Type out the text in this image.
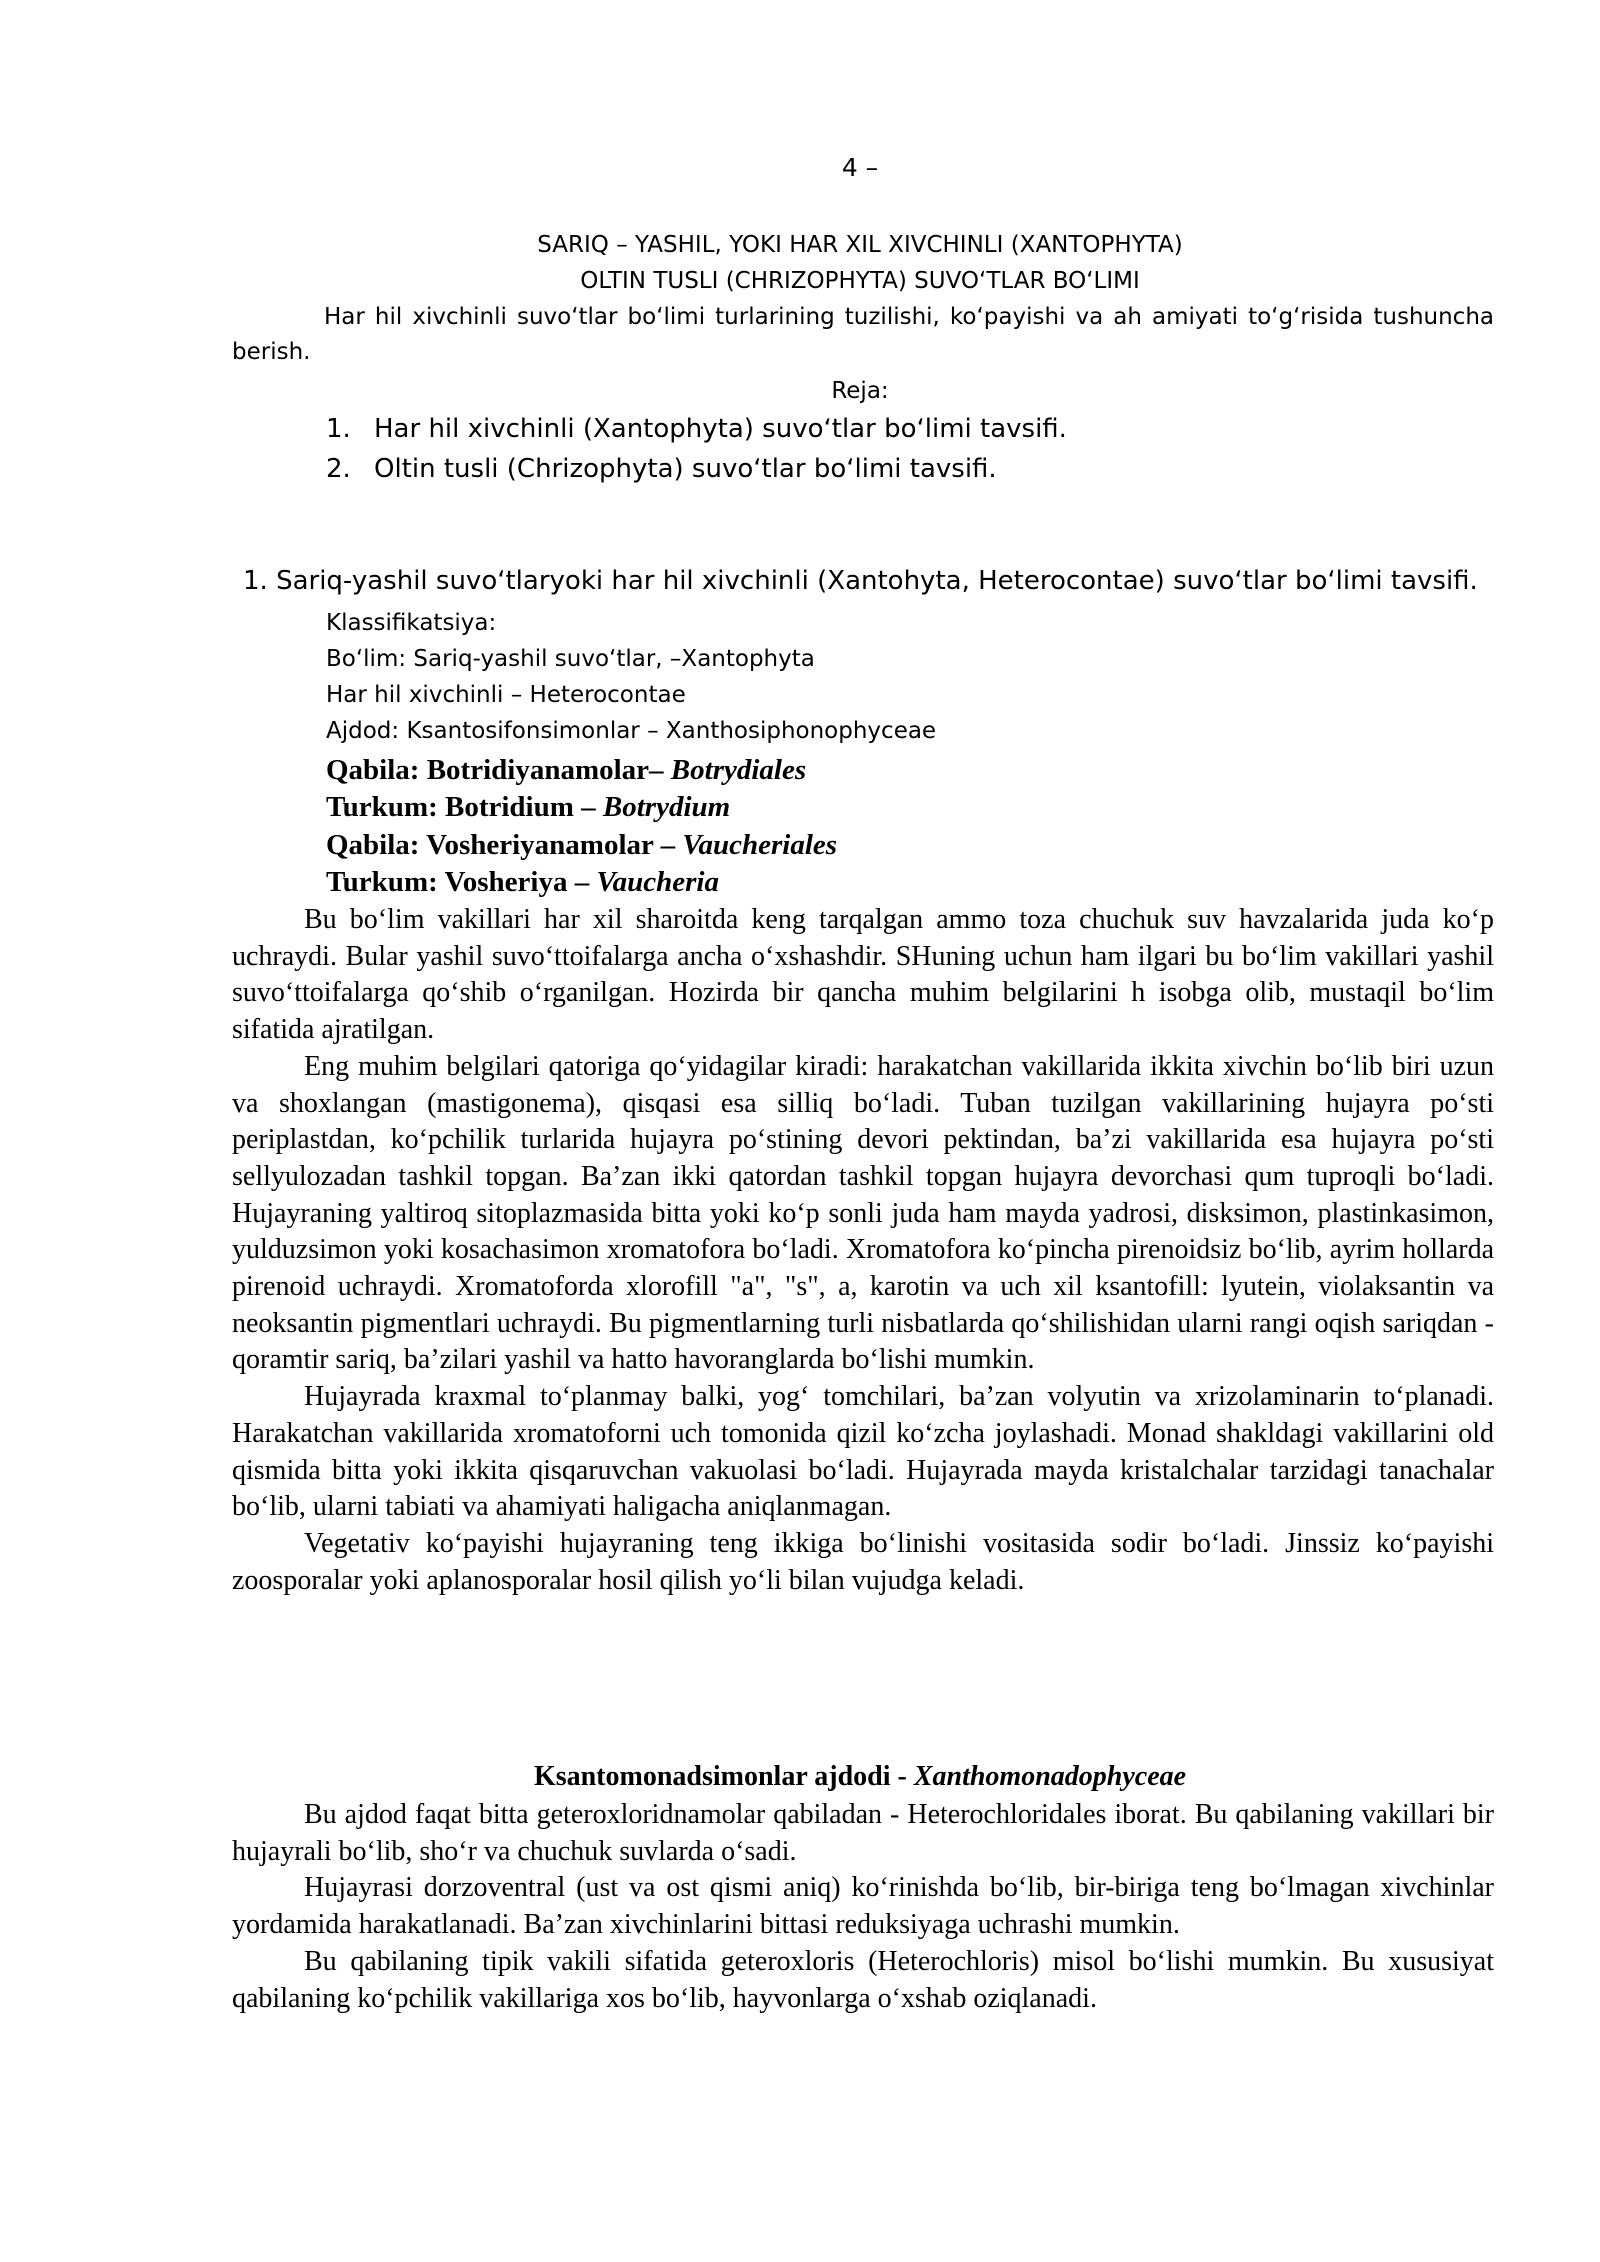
4 –
SARIQ – YASHIL, YOKI HAR XIL XIVCHINLI (XANTOPHYTA)
OLTIN TUSLI (CHRIZOPHYTA) SUVOʻTLAR BOʻLIMI
Har hil xivchinli suvoʻtlar boʻlimi turlarining tuzilishi, koʻpayishi va ah amiyati toʻgʻrisida tushuncha berish.
Reja:
1. Har hil xivchinli (Xantophyta) suvoʻtlar boʻlimi tavsifi.
2. Oltin tusli (Chrizophyta) suvoʻtlar boʻlimi tavsifi.
1. Sariq-yashil suvoʻtlaryoki har hil xivchinli (Xantohyta, Heterocontae) suvoʻtlar boʻlimi tavsifi.
Klassifikatsiya:
Boʻlim: Sariq-yashil suvoʻtlar, –Xantophyta
Har hil xivchinli – Heterocontae
Ajdod: Ksantosifonsimonlar – Xanthosiphonophyceae
Qabila: Botridiyanamolar– Botrydiales
Turkum: Botridium – Botrydium
Qabila: Vosheriyanamolar – Vaucheriales
Turkum: Vosheriya – Vaucheria

Bu boʻlim vakillari har xil sharoitda keng tarqalgan ammo toza chuchuk suv havzalarida juda koʻp uchraydi. Bular yashil suvoʻttoifalarga ancha oʻxshashdir. SHuning uchun ham ilgari bu boʻlim vakillari yashil suvoʻttoifalarga qoʻshib oʻrganilgan. Hozirda bir qancha muhim belgilarini h isobga olib, mustaqil boʻlim sifatida ajratilgan.

Eng muhim belgilari qatoriga qoʻyidagilar kiradi: harakatchan vakillarida ikkita xivchin boʻlib biri uzun va shoxlangan (mastigonema), qisqasi esa silliq boʻladi. Tuban tuzilgan vakillarining hujayra poʻsti periplastdan, koʻpchilik turlarida hujayra poʻstining devori pektindan, baʼzi vakillarida esa hujayra poʻsti sellyulozadan tashkil topgan. Baʼzan ikki qatordan tashkil topgan hujayra devorchasi qum tuproqli boʻladi. Hujayraning yaltiroq sitoplazmasida bitta yoki koʻp sonli juda ham mayda yadrosi, disksimon, plastinkasimon, yulduzsimon yoki kosachasimon xromatofora boʻladi. Xromatofora koʻpincha pirenoidsiz boʻlib, ayrim hollarda pirenoid uchraydi. Xromatoforda xlorofill "a", "s", a, karotin va uch xil ksantofill: lyutein, violaksantin va neoksantin pigmentlari uchraydi. Bu pigmentlarning turli nisbatlarda qoʻshilishidan ularni rangi oqish sariqdan - qoramtir sariq, baʼzilari yashil va hatto havoranglarda boʻlishi mumkin.

Hujayrada kraxmal toʻplanmay balki, yogʻ tomchilari, baʼzan volyutin va xrizolaminarin toʻplanadi. Harakatchan vakillarida xromatoforni uch tomonida qizil koʻzcha joylashadi. Monad shakldagi vakillarini old qismida bitta yoki ikkita qisqaruvchan vakuolasi boʻladi. Hujayrada mayda kristalchalar tarzidagi tanachalar boʻlib, ularni tabiati va ahamiyati haligacha aniqlanmagan.

Vegetativ koʻpayishi hujayraning teng ikkiga boʻlinishi vositasida sodir boʻladi. Jinssiz koʻpayishi zoosporalar yoki aplanosporalar hosil qilish yoʻli bilan vujudga keladi.

Ksantomonadsimonlar ajdodi - Xanthomonadophyceae

Bu ajdod faqat bitta geteroxloridnamolar qabiladan - Heterochloridales iborat. Bu qabilaning vakillari bir hujayrali boʻlib, shoʻr va chuchuk suvlarda oʻsadi.

Hujayrasi dorzoventral (ust va ost qismi aniq) koʻrinishda boʻlib, bir-biriga teng boʻlmagan xivchinlar yordamida harakatlanadi. Baʼzan xivchinlarini bittasi reduksiyaga uchrashi mumkin.

Bu qabilaning tipik vakili sifatida geteroxloris (Heterochloris) misol boʻlishi mumkin. Bu xususiyat qabilaning koʻpchilik vakillariga xos boʻlib, hayvonlarga oʻxshab oziqlanadi.
